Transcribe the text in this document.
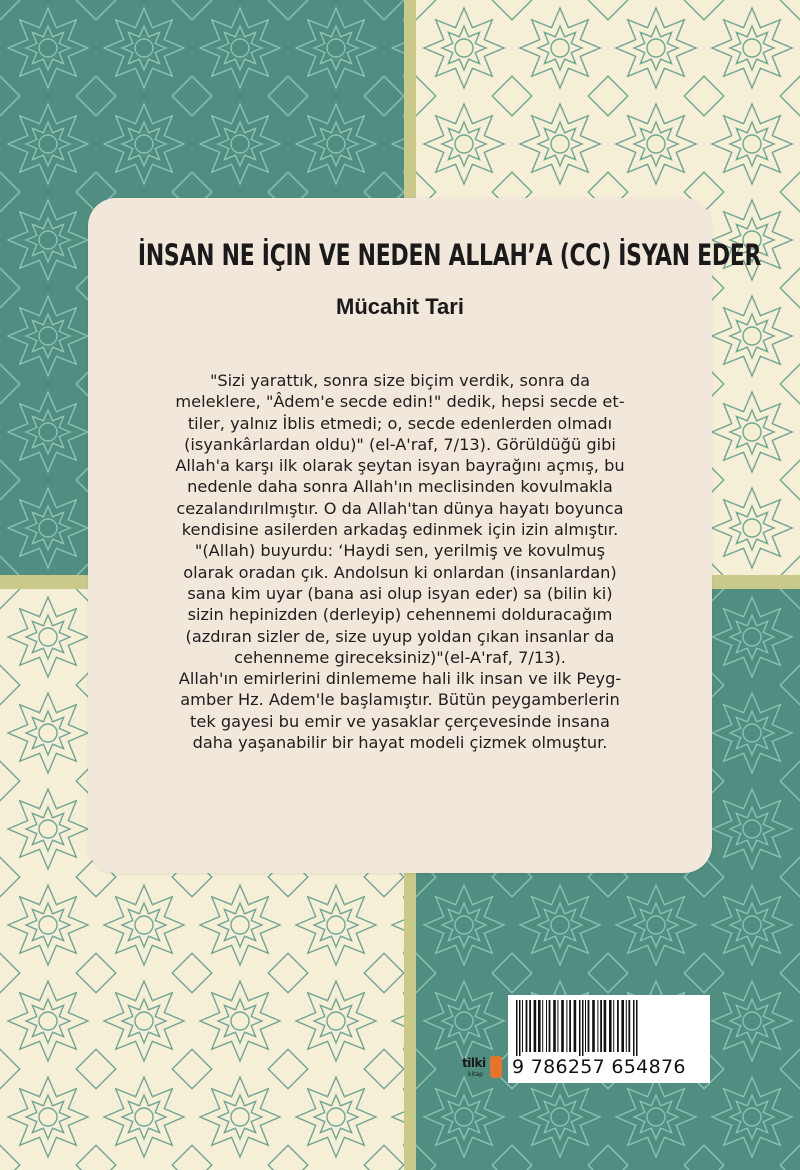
İNSAN NE İÇIN VE NEDEN ALLAH’A (CC) İSYAN EDER
Mücahit Tari
"Sizi yarattık, sonra size biçim verdik, sonra da
meleklere, "Âdem'e secde edin!" dedik, hepsi secde et-
tiler, yalnız İblis etmedi; o, secde edenlerden olmadı
(isyankârlardan oldu)" (el-A'raf, 7/13). Görüldüğü gibi
Allah'a karşı ilk olarak şeytan isyan bayrağını açmış, bu
nedenle daha sonra Allah'ın meclisinden kovulmakla
cezalandırılmıştır. O da Allah'tan dünya hayatı boyunca
kendisine asilerden arkadaş edinmek için izin almıştır.
"(Allah) buyurdu: ‘Haydi sen, yerilmiş ve kovulmuş
olarak oradan çık. Andolsun ki onlardan (insanlardan)
sana kim uyar (bana asi olup isyan eder) sa (bilin ki)
sizin hepinizden (derleyip) cehennemi dolduracağım
(azdıran sizler de, size uyup yoldan çıkan insanlar da
cehenneme gireceksiniz)"(el-A'raf, 7/13).
Allah'ın emirlerini dinlememe hali ilk insan ve ilk Peyg-
amber Hz. Adem'le başlamıştır. Bütün peygamberlerin
tek gayesi bu emir ve yasaklar çerçevesinde insana
daha yaşanabilir bir hayat modeli çizmek olmuştur.
tilki
kitap 9 786257 654876
